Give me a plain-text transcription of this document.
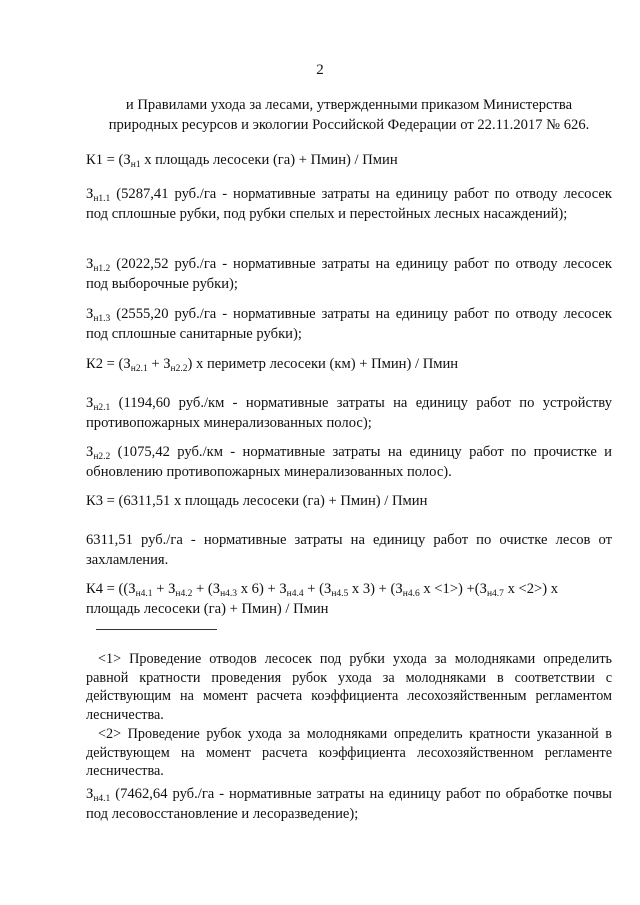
2
и Правилами ухода за лесами, утвержденными приказом Министерства
природных ресурсов и экологии Российской Федерации от 22.11.2017 № 626.

$К1 = (З_{н1}$ х площадь лесосеки (га) + Пмин) / Пмин

$З_{н1.1}$ (5287,41 руб./га - нормативные затраты на единицу работ по отводу лесосек под сплошные рубки, под рубки спелых и перестойных лесных насаждений);

$З_{н1.2}$ (2022,52 руб./га - нормативные затраты на единицу работ по отводу лесосек под выборочные рубки);

$З_{н1.3}$ (2555,20 руб./га - нормативные затраты на единицу работ по отводу лесосек под сплошные санитарные рубки);

$К2 = (З_{н2.1} + З_{н2.2})$ х периметр лесосеки (км) + Пмин) / Пмин

$З_{н2.1}$ (1194,60 руб./км - нормативные затраты на единицу работ по устройству противопожарных минерализованных полос);

$З_{н2.2}$ (1075,42 руб./км - нормативные затраты на единицу работ по прочистке и обновлению противопожарных минерализованных полос).

К3 = (6311,51 х площадь лесосеки (га) + Пмин) / Пмин

6311,51 руб./га - нормативные затраты на единицу работ по очистке лесов от захламления.

$К4 = ((З_{н4.1} + З_{н4.2} + (З_{н4.3}$ х $6) + З_{н4.4} + (З_{н4.5}$ х $3) + (З_{н4.6}$ $х <1>) +(З_{н4.7}$ х <2>) х
площадь лесосеки (га) + Пмин) / Пмин

<1> Проведение отводов лесосек под рубки ухода за молодняками определить равной кратности проведения рубок ухода за молодняками в соответствии с действующим на момент расчета коэффициента лесохозяйственным регламентом лесничества.

<2> Проведение рубок ухода за молодняками определить кратности указанной в действующем на момент расчета коэффициента лесохозяйственном регламенте лесничества.

$З_{н4.1}$ (7462,64 руб./га - нормативные затраты на единицу работ по обработке почвы под лесовосстановление и лесоразведение);
